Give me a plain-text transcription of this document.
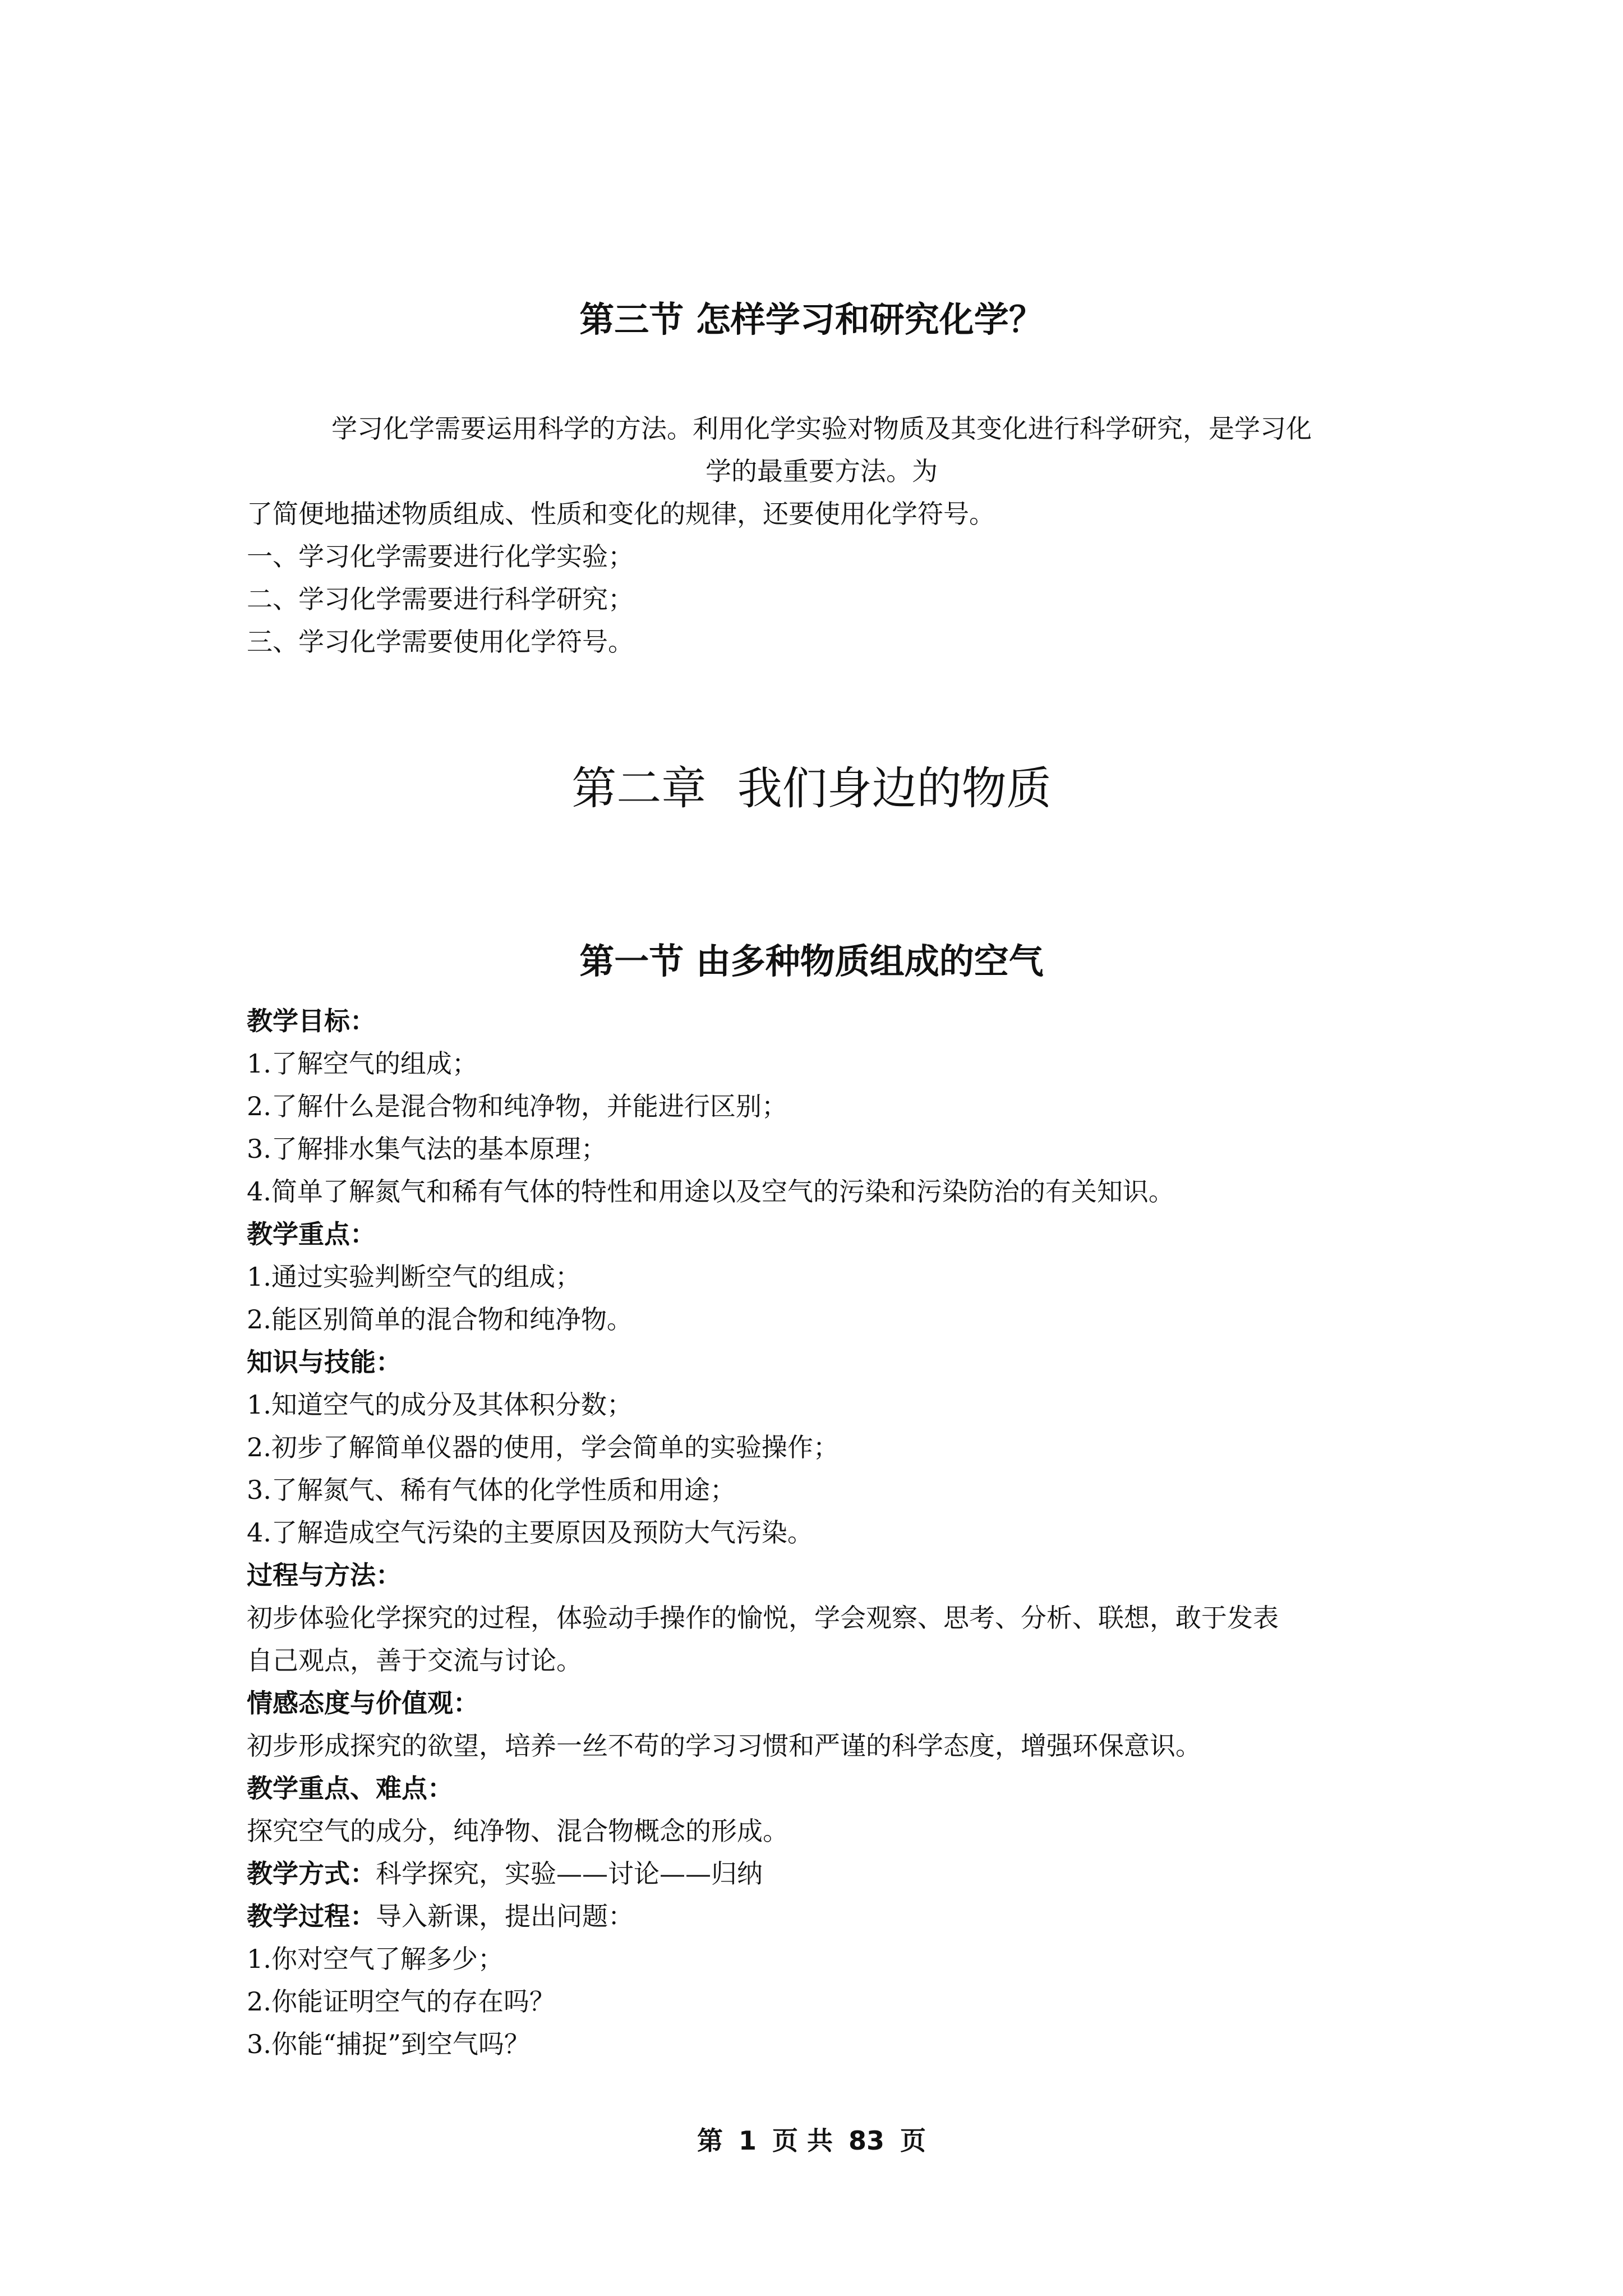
第三节 怎样学习和研究化学？

学习化学需要运用科学的方法。利用化学实验对物质及其变化进行科学研究，是学习化

学的最重要方法。为

了简便地描述物质组成、性质和变化的规律，还要使用化学符号。

一、学习化学需要进行化学实验；

二、学习化学需要进行科学研究；

三、学习化学需要使用化学符号。

第二章 我们身边的物质
第一节 由多种物质组成的空气

教学目标：

1.了解空气的组成；

2.了解什么是混合物和纯净物，并能进行区别；

3.了解排水集气法的基本原理；

4.简单了解氮气和稀有气体的特性和用途以及空气的污染和污染防治的有关知识。

教学重点：

1.通过实验判断空气的组成；

2.能区别简单的混合物和纯净物。

知识与技能：

1.知道空气的成分及其体积分数；

2.初步了解简单仪器的使用，学会简单的实验操作；

3.了解氮气、稀有气体的化学性质和用途；

4.了解造成空气污染的主要原因及预防大气污染。

过程与方法：

初步体验化学探究的过程，体验动手操作的愉悦，学会观察、思考、分析、联想，敢于发表

自己观点，善于交流与讨论。

情感态度与价值观：

初步形成探究的欲望，培养一丝不苟的学习习惯和严谨的科学态度，增强环保意识。

教学重点、难点：

探究空气的成分，纯净物、混合物概念的形成。

教学方式：科学探究，实验——讨论——归纳

教学过程：导入新课，提出问题：

1.你对空气了解多少；

2.你能证明空气的存在吗？

3.你能“捕捉”到空气吗？

第 1 页 共 83 页
